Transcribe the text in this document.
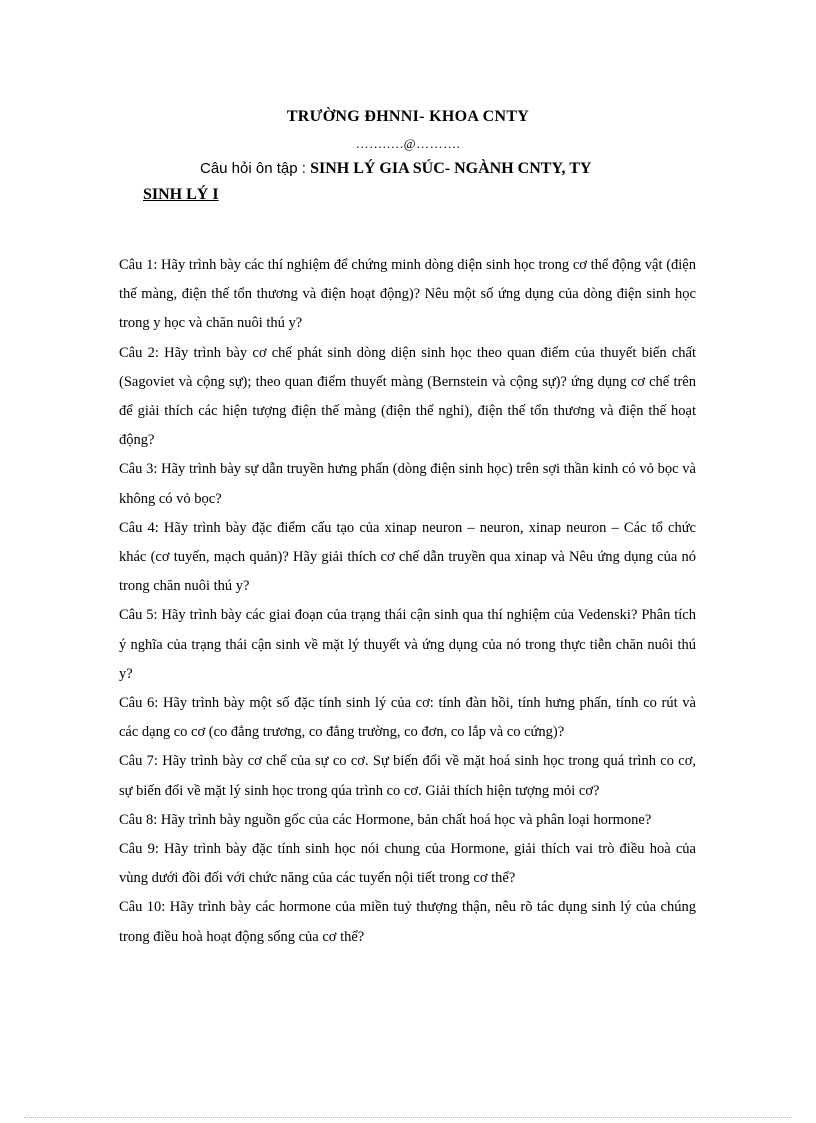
TRƯỜNG ĐHNNI- KHOA CNTY
…….….@……….
Câu hỏi ôn tập : SINH LÝ GIA SÚC- NGÀNH CNTY, TY
SINH LÝ I
Câu 1: Hãy trình bày các thí nghiệm để chứng minh dòng diện sinh học trong cơ thể động vật (điện thế màng, điện thế tổn thương và điện hoạt động)? Nêu một số ứng dụng của dòng điện sinh học trong y học và chăn nuôi thú y?
Câu 2: Hãy trình bày cơ chế phát sinh dòng diện sinh học theo quan điểm của thuyết biến chất (Sagoviet và cộng sự); theo quan điểm thuyết màng (Bernstein và cộng sự)? ứng dụng cơ chế trên để giải thích các hiện tượng điện thế màng (điện thế nghỉ), điện thế tổn thương và điện thế hoạt động?
Câu 3: Hãy trình bày sự dẫn truyền hưng phấn (dòng điện sinh học) trên sợi thần kinh có vỏ bọc và không có vỏ bọc?
Câu 4: Hãy trình bày đặc điểm cấu tạo của xinap neuron – neuron, xinap neuron – Các tổ chức khác (cơ tuyến, mạch quản)? Hãy giải thích cơ chế dẫn truyền qua xinap và Nêu ứng dụng của nó trong chăn nuôi thú y?
Câu 5: Hãy trình bày các giai đoạn của trạng thái cận sinh qua thí nghiệm của Vedenski? Phân tích ý nghĩa của trạng thái cận sinh về mặt lý thuyết và ứng dụng của nó trong thực tiễn chăn nuôi thú y?
Câu 6: Hãy trình bày một số đặc tính sinh lý của cơ: tính đàn hồi, tính hưng phấn, tính co rút và các dạng co cơ (co đẳng trương, co đẳng trường, co đơn, co lắp và co cứng)?
Câu 7: Hãy trình bày cơ chế của sự co cơ. Sự biến đổi về mặt hoá sinh học trong quá trình co cơ, sự biến đổi về mặt lý sinh học trong qúa trình co cơ. Giải thích hiện tượng mỏi cơ?
Câu 8: Hãy trình bày nguồn gốc của các Hormone, bản chất hoá học và phân loại hormone?
Câu 9: Hãy trình bày đặc tính sinh học nói chung của Hormone, giải thích vai trò điều hoà của vùng dưới đồi đối với chức năng của các tuyến nội tiết trong cơ thể?
Câu 10: Hãy trình bày các hormone của miền tuỷ thượng thận, nêu rõ tác dụng sinh lý của chúng trong điều hoà hoạt động sống của cơ thể?
